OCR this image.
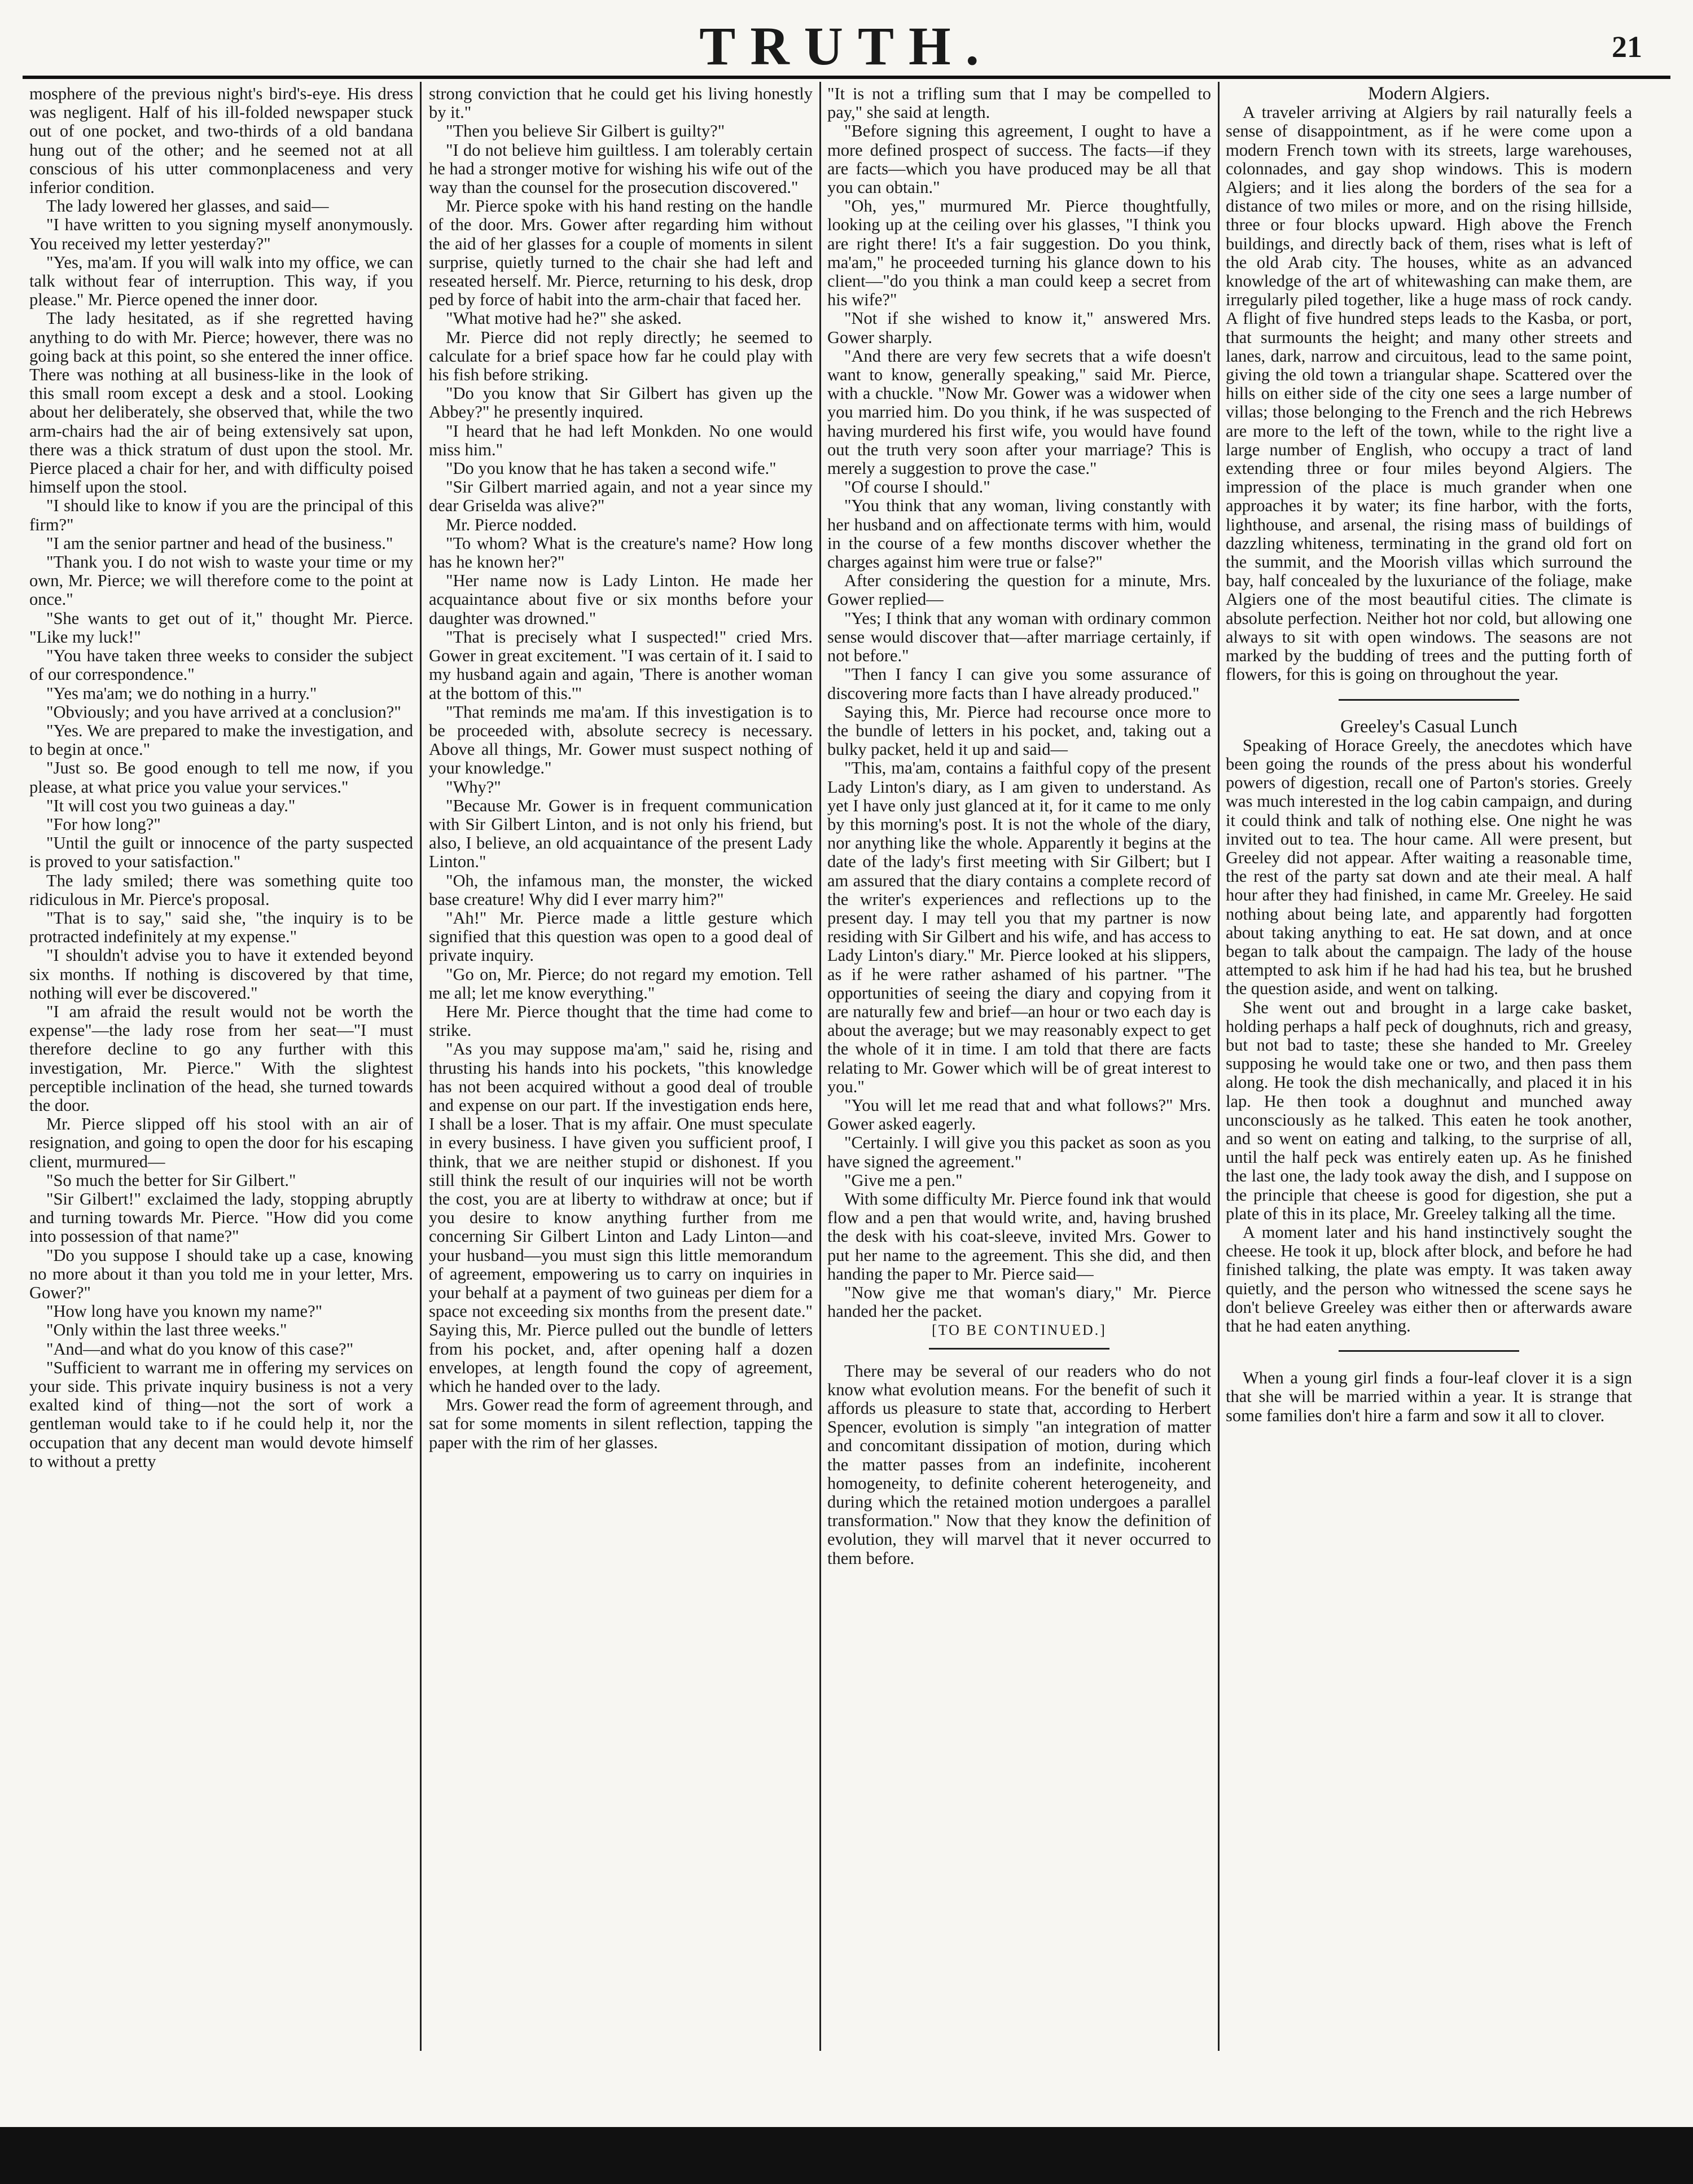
TRUTH.	21

mosphere of the previous night's bird's-eye. His dress was negligent. Half of his ill-folded newspaper stuck out of one pocket, and two-thirds of a old bandana hung out of the other; and he seemed not at all conscious of his utter commonplaceness and very inferior condition.

The lady lowered her glasses, and said—

"I have written to you signing myself anonymously. You received my letter yesterday?"

"Yes, ma'am. If you will walk into my office, we can talk without fear of interruption. This way, if you please." Mr. Pierce opened the inner door.

The lady hesitated, as if she regretted having anything to do with Mr. Pierce; however, there was no going back at this point, so she entered the inner office. There was nothing at all business-like in the look of this small room except a desk and a stool. Looking about her deliberately, she observed that, while the two arm-chairs had the air of being extensively sat upon, there was a thick stratum of dust upon the stool. Mr. Pierce placed a chair for her, and with difficulty poised himself upon the stool.

"I should like to know if you are the principal of this firm?"

"I am the senior partner and head of the business."

"Thank you. I do not wish to waste your time or my own, Mr. Pierce; we will therefore come to the point at once."

"She wants to get out of it," thought Mr. Pierce. "Like my luck!"

"You have taken three weeks to consider the subject of our correspondence."

"Yes ma'am; we do nothing in a hurry."

"Obviously; and you have arrived at a conclusion?"

"Yes. We are prepared to make the investigation, and to begin at once."

"Just so. Be good enough to tell me now, if you please, at what price you value your services."

"It will cost you two guineas a day."

"For how long?"

"Until the guilt or innocence of the party suspected is proved to your satisfaction."

The lady smiled; there was something quite too ridiculous in Mr. Pierce's proposal.

"That is to say," said she, "the inquiry is to be protracted indefinitely at my expense."

"I shouldn't advise you to have it extended beyond six months. If nothing is discovered by that time, nothing will ever be discovered."

"I am afraid the result would not be worth the expense"—the lady rose from her seat—"I must therefore decline to go any further with this investigation, Mr. Pierce." With the slightest perceptible inclination of the head, she turned towards the door.

Mr. Pierce slipped off his stool with an air of resignation, and going to open the door for his escaping client, murmured—

"So much the better for Sir Gilbert."

"Sir Gilbert!" exclaimed the lady, stopping abruptly and turning towards Mr. Pierce. "How did you come into possession of that name?"

"Do you suppose I should take up a case, knowing no more about it than you told me in your letter, Mrs. Gower?"

"How long have you known my name?"

"Only within the last three weeks."

"And—and what do you know of this case?"

"Sufficient to warrant me in offering my services on your side. This private inquiry business is not a very exalted kind of thing—not the sort of work a gentleman would take to if he could help it, nor the occupation that any decent man would devote himself to without a pretty

strong conviction that he could get his living honestly by it."

"Then you believe Sir Gilbert is guilty?"

"I do not believe him guiltless. I am tolerably certain he had a stronger motive for wishing his wife out of the way than the counsel for the prosecution discovered."

Mr. Pierce spoke with his hand resting on the handle of the door. Mrs. Gower after regarding him without the aid of her glasses for a couple of moments in silent surprise, quietly turned to the chair she had left and reseated herself. Mr. Pierce, returning to his desk, drop ped by force of habit into the arm-chair that faced her.

"What motive had he?" she asked.

Mr. Pierce did not reply directly; he seemed to calculate for a brief space how far he could play with his fish before striking.

"Do you know that Sir Gilbert has given up the Abbey?" he presently inquired.

"I heard that he had left Monkden. No one would miss him."

"Do you know that he has taken a second wife."

"Sir Gilbert married again, and not a year since my dear Griselda was alive?"

Mr. Pierce nodded.

"To whom? What is the creature's name? How long has he known her?"

"Her name now is Lady Linton. He made her acquaintance about five or six months before your daughter was drowned."

"That is precisely what I suspected!" cried Mrs. Gower in great excitement. "I was certain of it. I said to my husband again and again, 'There is another woman at the bottom of this.'"

"That reminds me ma'am. If this investigation is to be proceeded with, absolute secrecy is necessary. Above all things, Mr. Gower must suspect nothing of your knowledge."

"Why?"

"Because Mr. Gower is in frequent communication with Sir Gilbert Linton, and is not only his friend, but also, I believe, an old acquaintance of the present Lady Linton."

"Oh, the infamous man, the monster, the wicked base creature! Why did I ever marry him?"

"Ah!" Mr. Pierce made a little gesture which signified that this question was open to a good deal of private inquiry.

"Go on, Mr. Pierce; do not regard my emotion. Tell me all; let me know everything."

Here Mr. Pierce thought that the time had come to strike.

"As you may suppose ma'am," said he, rising and thrusting his hands into his pockets, "this knowledge has not been acquired without a good deal of trouble and expense on our part. If the investigation ends here, I shall be a loser. That is my affair. One must speculate in every business. I have given you sufficient proof, I think, that we are neither stupid or dishonest. If you still think the result of our inquiries will not be worth the cost, you are at liberty to withdraw at once; but if you desire to know anything further from me concerning Sir Gilbert Linton and Lady Linton—and your husband—you must sign this little memorandum of agreement, empowering us to carry on inquiries in your behalf at a payment of two guineas per diem for a space not exceeding six months from the present date." Saying this, Mr. Pierce pulled out the bundle of letters from his pocket, and, after opening half a dozen envelopes, at length found the copy of agreement, which he handed over to the lady.

Mrs. Gower read the form of agreement through, and sat for some moments in silent reflection, tapping the paper with the rim of her glasses.

"It is not a trifling sum that I may be compelled to pay," she said at length.

"Before signing this agreement, I ought to have a more defined prospect of success. The facts—if they are facts—which you have produced may be all that you can obtain."

"Oh, yes," murmured Mr. Pierce thoughtfully, looking up at the ceiling over his glasses, "I think you are right there! It's a fair suggestion. Do you think, ma'am," he proceeded turning his glance down to his client—"do you think a man could keep a secret from his wife?"

"Not if she wished to know it," answered Mrs. Gower sharply.

"And there are very few secrets that a wife doesn't want to know, generally speaking," said Mr. Pierce, with a chuckle. "Now Mr. Gower was a widower when you married him. Do you think, if he was suspected of having murdered his first wife, you would have found out the truth very soon after your marriage? This is merely a suggestion to prove the case."

"Of course I should."

"You think that any woman, living constantly with her husband and on affectionate terms with him, would in the course of a few months discover whether the charges against him were true or false?"

After considering the question for a minute, Mrs. Gower replied—

"Yes; I think that any woman with ordinary common sense would discover that—after marriage certainly, if not before."

"Then I fancy I can give you some assurance of discovering more facts than I have already produced."

Saying this, Mr. Pierce had recourse once more to the bundle of letters in his pocket, and, taking out a bulky packet, held it up and said—

"This, ma'am, contains a faithful copy of the present Lady Linton's diary, as I am given to understand. As yet I have only just glanced at it, for it came to me only by this morning's post. It is not the whole of the diary, nor anything like the whole. Apparently it begins at the date of the lady's first meeting with Sir Gilbert; but I am assured that the diary contains a complete record of the writer's experiences and reflections up to the present day. I may tell you that my partner is now residing with Sir Gilbert and his wife, and has access to Lady Linton's diary." Mr. Pierce looked at his slippers, as if he were rather ashamed of his partner. "The opportunities of seeing the diary and copying from it are naturally few and brief—an hour or two each day is about the average; but we may reasonably expect to get the whole of it in time. I am told that there are facts relating to Mr. Gower which will be of great interest to you."

"You will let me read that and what follows?" Mrs. Gower asked eagerly.

"Certainly. I will give you this packet as soon as you have signed the agreement."

"Give me a pen."

With some difficulty Mr. Pierce found ink that would flow and a pen that would write, and, having brushed the desk with his coat-sleeve, invited Mrs. Gower to put her name to the agreement. This she did, and then handing the paper to Mr. Pierce said—

"Now give me that woman's diary," Mr. Pierce handed her the packet.

[TO BE CONTINUED.]

There may be several of our readers who do not know what evolution means. For the benefit of such it affords us pleasure to state that, according to Herbert Spencer, evolution is simply "an integration of matter and concomitant dissipation of motion, during which the matter passes from an indefinite, incoherent homogeneity, to definite coherent heterogeneity, and during which the retained motion undergoes a parallel transformation." Now that they know the definition of evolution, they will marvel that it never occurred to them before.

Modern Algiers.

A traveler arriving at Algiers by rail naturally feels a sense of disappointment, as if he were come upon a modern French town with its streets, large warehouses, colonnades, and gay shop windows. This is modern Algiers; and it lies along the borders of the sea for a distance of two miles or more, and on the rising hillside, three or four blocks upward. High above the French buildings, and directly back of them, rises what is left of the old Arab city. The houses, white as an advanced knowledge of the art of whitewashing can make them, are irregularly piled together, like a huge mass of rock candy. A flight of five hundred steps leads to the Kasba, or port, that surmounts the height; and many other streets and lanes, dark, narrow and circuitous, lead to the same point, giving the old town a triangular shape. Scattered over the hills on either side of the city one sees a large number of villas; those belonging to the French and the rich Hebrews are more to the left of the town, while to the right live a large number of English, who occupy a tract of land extending three or four miles beyond Algiers. The impression of the place is much grander when one approaches it by water; its fine harbor, with the forts, lighthouse, and arsenal, the rising mass of buildings of dazzling whiteness, terminating in the grand old fort on the summit, and the Moorish villas which surround the bay, half concealed by the luxuriance of the foliage, make Algiers one of the most beautiful cities. The climate is absolute perfection. Neither hot nor cold, but allowing one always to sit with open windows. The seasons are not marked by the budding of trees and the putting forth of flowers, for this is going on throughout the year.

Greeley's Casual Lunch

Speaking of Horace Greely, the anecdotes which have been going the rounds of the press about his wonderful powers of digestion, recall one of Parton's stories. Greely was much interested in the log cabin campaign, and during it could think and talk of nothing else. One night he was invited out to tea. The hour came. All were present, but Greeley did not appear. After waiting a reasonable time, the rest of the party sat down and ate their meal. A half hour after they had finished, in came Mr. Greeley. He said nothing about being late, and apparently had forgotten about taking anything to eat. He sat down, and at once began to talk about the campaign. The lady of the house attempted to ask him if he had had his tea, but he brushed the question aside, and went on talking.

She went out and brought in a large cake basket, holding perhaps a half peck of doughnuts, rich and greasy, but not bad to taste; these she handed to Mr. Greeley supposing he would take one or two, and then pass them along. He took the dish mechanically, and placed it in his lap. He then took a doughnut and munched away unconsciously as he talked. This eaten he took another, and so went on eating and talking, to the surprise of all, until the half peck was entirely eaten up. As he finished the last one, the lady took away the dish, and I suppose on the principle that cheese is good for digestion, she put a plate of this in its place, Mr. Greeley talking all the time.

A moment later and his hand instinctively sought the cheese. He took it up, block after block, and before he had finished talking, the plate was empty. It was taken away quietly, and the person who witnessed the scene says he don't believe Greeley was either then or afterwards aware that he had eaten anything.

When a young girl finds a four-leaf clover it is a sign that she will be married within a year. It is strange that some families don't hire a farm and sow it all to clover.
